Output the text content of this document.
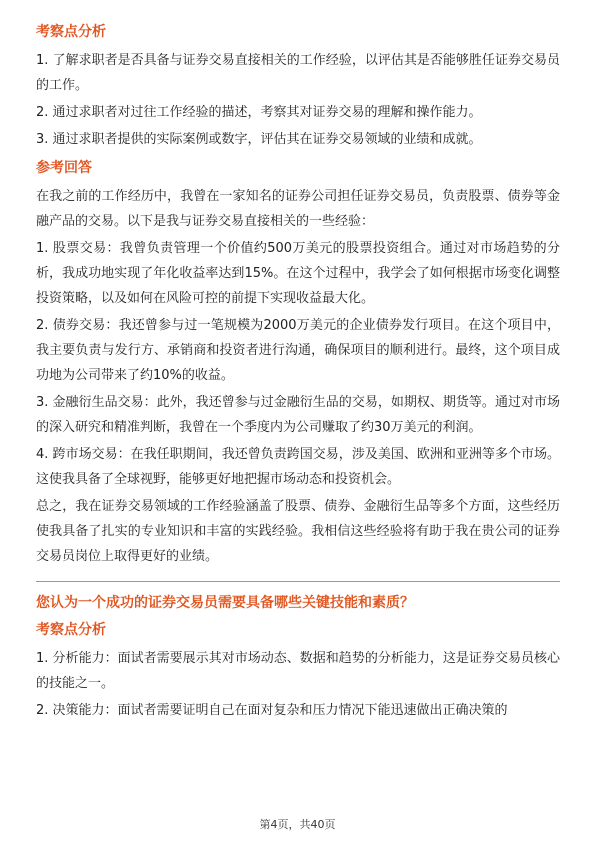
考察点分析

1. 了解求职者是否具备与证券交易直接相关的工作经验，以评估其是否能够胜任证券交易员的工作。

2. 通过求职者对过往工作经验的描述，考察其对证券交易的理解和操作能力。

3. 通过求职者提供的实际案例或数字，评估其在证券交易领域的业绩和成就。

参考回答

在我之前的工作经历中，我曾在一家知名的证券公司担任证券交易员，负责股票、债券等金融产品的交易。以下是我与证券交易直接相关的一些经验：

1. 股票交易：我曾负责管理一个价值约500万美元的股票投资组合。通过对市场趋势的分析，我成功地实现了年化收益率达到15%。在这个过程中，我学会了如何根据市场变化调整投资策略，以及如何在风险可控的前提下实现收益最大化。

2. 债券交易：我还曾参与过一笔规模为2000万美元的企业债券发行项目。在这个项目中，我主要负责与发行方、承销商和投资者进行沟通，确保项目的顺利进行。最终，这个项目成功地为公司带来了约10%的收益。

3. 金融衍生品交易：此外，我还曾参与过金融衍生品的交易，如期权、期货等。通过对市场的深入研究和精准判断，我曾在一个季度内为公司赚取了约30万美元的利润。

4. 跨市场交易：在我任职期间，我还曾负责跨国交易，涉及美国、欧洲和亚洲等多个市场。这使我具备了全球视野，能够更好地把握市场动态和投资机会。

总之，我在证券交易领域的工作经验涵盖了股票、债券、金融衍生品等多个方面，这些经历使我具备了扎实的专业知识和丰富的实践经验。我相信这些经验将有助于我在贵公司的证券交易员岗位上取得更好的业绩。

您认为一个成功的证券交易员需要具备哪些关键技能和素质？
考察点分析

1. 分析能力：面试者需要展示其对市场动态、数据和趋势的分析能力，这是证券交易员核心的技能之一。

2. 决策能力：面试者需要证明自己在面对复杂和压力情况下能迅速做出正确决策的

第4页，共40页
